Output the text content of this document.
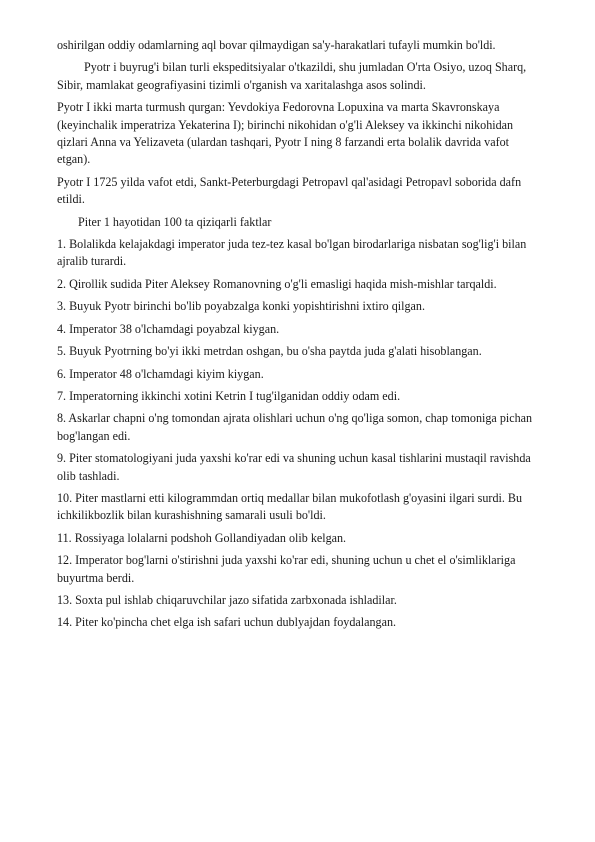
oshirilgan oddiy odamlarning aql bovar qilmaydigan sa'y-harakatlari tufayli mumkin bo'ldi.

Pyotr i buyrug'i bilan turli ekspeditsiyalar o'tkazildi, shu jumladan O'rta Osiyo, uzoq Sharq, Sibir, mamlakat geografiyasini tizimli o'rganish va xaritalashga asos solindi.

Pyotr I ikki marta turmush qurgan: Yevdokiya Fedorovna Lopuxina va marta Skavronskaya (keyinchalik imperatriza Yekaterina I); birinchi nikohidan o'g'li Aleksey va ikkinchi nikohidan qizlari Anna va Yelizaveta (ulardan tashqari, Pyotr I ning 8 farzandi erta bolalik davrida vafot etgan).

Pyotr I 1725 yilda vafot etdi, Sankt-Peterburgdagi Petropavl qal'asidagi Petropavl soborida dafn etildi.

Piter 1 hayotidan 100 ta qiziqarli faktlar

1. Bolalikda kelajakdagi imperator juda tez-tez kasal bo'lgan birodarlariga nisbatan sog'lig'i bilan ajralib turardi.

2. Qirollik sudida Piter Aleksey Romanovning o'g'li emasligi haqida mish-mishlar tarqaldi.

3. Buyuk Pyotr birinchi bo'lib poyabzalga konki yopishtirishni ixtiro qilgan.

4. Imperator 38 o'lchamdagi poyabzal kiygan.

5. Buyuk Pyotrning bo'yi ikki metrdan oshgan, bu o'sha paytda juda g'alati hisoblangan.

6. Imperator 48 o'lchamdagi kiyim kiygan.

7. Imperatorning ikkinchi xotini Ketrin I tug'ilganidan oddiy odam edi.

8. Askarlar chapni o'ng tomondan ajrata olishlari uchun o'ng qo'liga somon, chap tomoniga pichan bog'langan edi.

9. Piter stomatologiyani juda yaxshi ko'rar edi va shuning uchun kasal tishlarini mustaqil ravishda olib tashladi.

10. Piter mastlarni etti kilogrammdan ortiq medallar bilan mukofotlash g'oyasini ilgari surdi. Bu ichkilikbozlik bilan kurashishning samarali usuli bo'ldi.

11. Rossiyaga lolalarni podshoh Gollandiyadan olib kelgan.

12. Imperator bog'larni o'stirishni juda yaxshi ko'rar edi, shuning uchun u chet el o'simliklariga buyurtma berdi.

13. Soxta pul ishlab chiqaruvchilar jazo sifatida zarbxonada ishladilar.

14. Piter ko'pincha chet elga ish safari uchun dublyajdan foydalangan.
